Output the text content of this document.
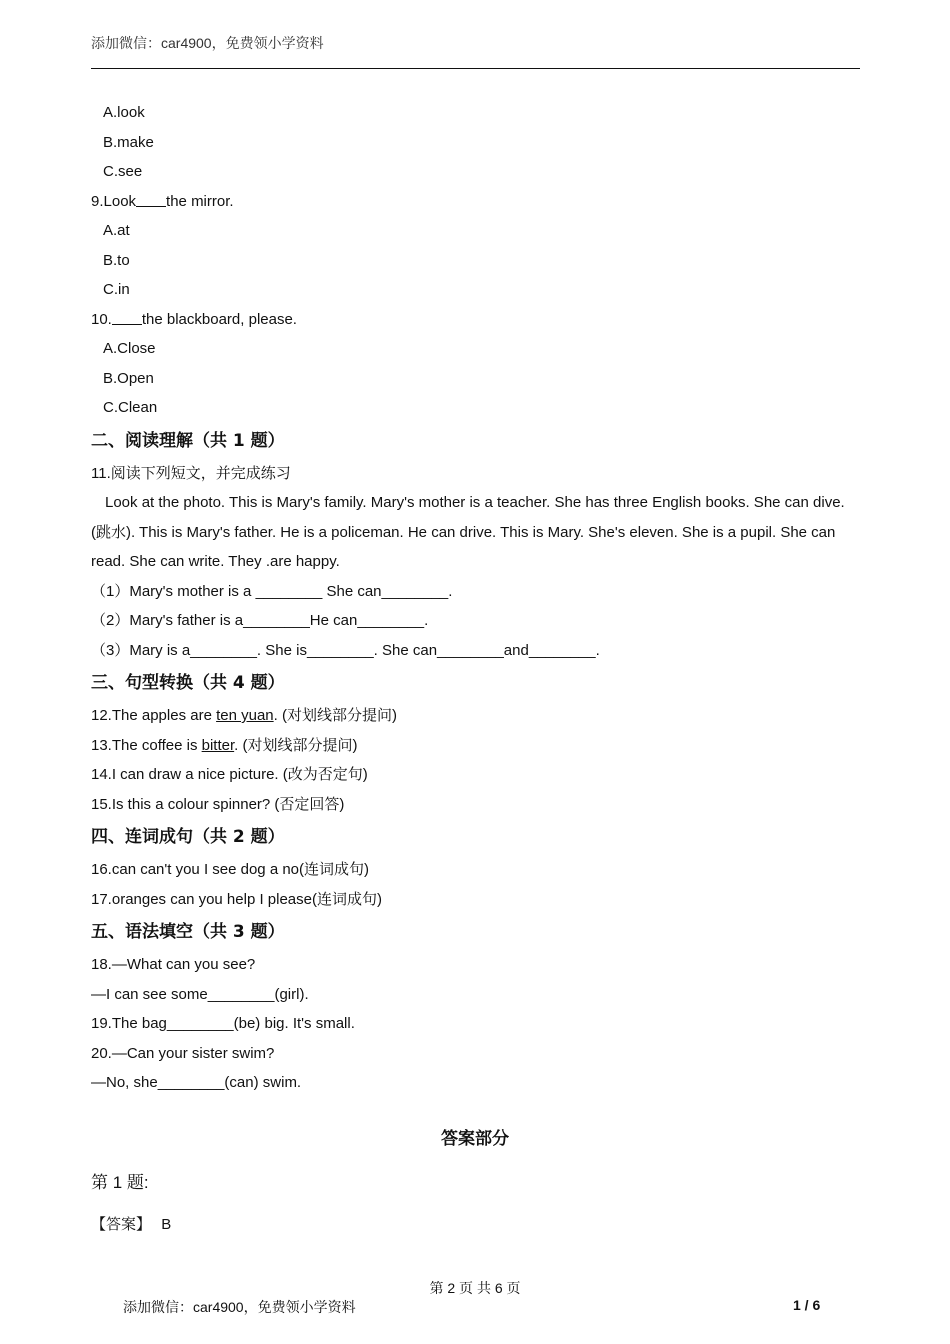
添加微信：car4900，免费领小学资料
A.look
B.make
C.see
9.Look the mirror.
A.at
B.to
C.in
10. the blackboard, please.
A.Close
B.Open
C.Clean
二、阅读理解（共 1 题）
11.阅读下列短文，并完成练习
Look at the photo. This is Mary's family. Mary's mother is a teacher. She has three English books. She can dive.(跳水). This is Mary's father. He is a policeman. He can drive. This is Mary. She's eleven. She is a pupil. She can read. She can write. They .are happy.
（1）Mary's mother is a ________ She can________.
（2）Mary's father is a________He can________.
（3）Mary is a________. She is________. She can________and________.
三、句型转换（共 4 题）
12.The apples are ten yuan. (对划线部分提问)
13.The coffee is bitter. (对划线部分提问)
14.I can draw a nice picture. (改为否定句)
15.Is this a colour spinner? (否定回答)
四、连词成句（共 2 题）
16.can can't you I see dog a no(连词成句)
17.oranges can you help I please(连词成句)
五、语法填空（共 3 题）
18.—What can you see?
—I can see some________(girl).
19.The bag________(be) big. It's small.
20.—Can your sister swim?
—No, she________(can) swim.
答案部分
第 1 题:
【答案】 B
第 2 页 共 6 页
添加微信：car4900，免费领小学资料	1 / 6
